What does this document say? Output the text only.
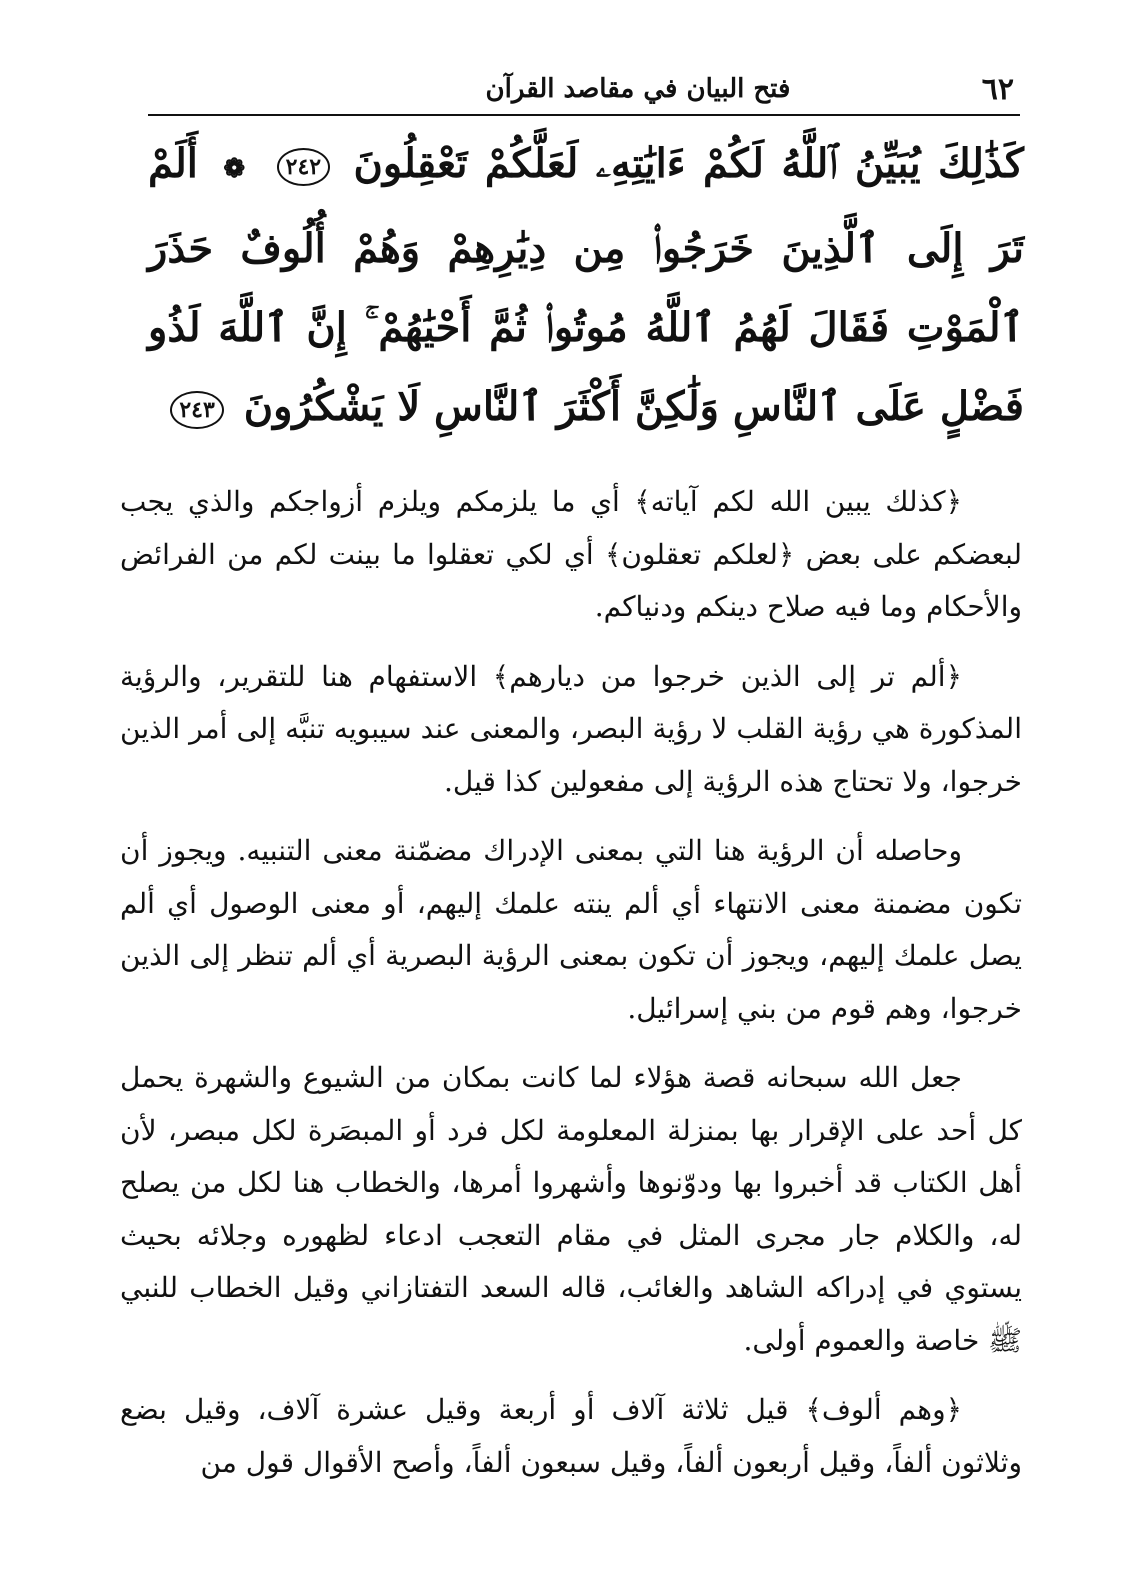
٦٢
فتح البيان في مقاصد القرآن
كَذَٰلِكَ يُبَيِّنُ ٱللَّهُ لَكُمْ ءَايَٰتِهِۦ لَعَلَّكُمْ تَعْقِلُونَ ٢٤٢ ❁ أَلَمْ تَرَ إِلَى ٱلَّذِينَ خَرَجُوا۟ مِن دِيَٰرِهِمْ وَهُمْ أُلُوفٌ حَذَرَ ٱلْمَوْتِ فَقَالَ لَهُمُ ٱللَّهُ مُوتُوا۟ ثُمَّ أَحْيَٰهُمْ ۚ إِنَّ ٱللَّهَ لَذُو فَضْلٍ عَلَى ٱلنَّاسِ وَلَٰكِنَّ أَكْثَرَ ٱلنَّاسِ لَا يَشْكُرُونَ ٢٤٣

﴿كذلك يبين الله لكم آياته﴾ أي ما يلزمكم ويلزم أزواجكم والذي يجب لبعضكم على بعض ﴿لعلكم تعقلون﴾ أي لكي تعقلوا ما بينت لكم من الفرائض والأحكام وما فيه صلاح دينكم ودنياكم.

﴿ألم تر إلى الذين خرجوا من ديارهم﴾ الاستفهام هنا للتقرير، والرؤية المذكورة هي رؤية القلب لا رؤية البصر، والمعنى عند سيبويه تنبَّه إلى أمر الذين خرجوا، ولا تحتاج هذه الرؤية إلى مفعولين كذا قيل.

وحاصله أن الرؤية هنا التي بمعنى الإدراك مضمّنة معنى التنبيه. ويجوز أن تكون مضمنة معنى الانتهاء أي ألم ينته علمك إليهم، أو معنى الوصول أي ألم يصل علمك إليهم، ويجوز أن تكون بمعنى الرؤية البصرية أي ألم تنظر إلى الذين خرجوا، وهم قوم من بني إسرائيل.

جعل الله سبحانه قصة هؤلاء لما كانت بمكان من الشيوع والشهرة يحمل كل أحد على الإقرار بها بمنزلة المعلومة لكل فرد أو المبصَرة لكل مبصر، لأن أهل الكتاب قد أخبروا بها ودوّنوها وأشهروا أمرها، والخطاب هنا لكل من يصلح له، والكلام جار مجرى المثل في مقام التعجب ادعاء لظهوره وجلائه بحيث يستوي في إدراكه الشاهد والغائب، قاله السعد التفتازاني وقيل الخطاب للنبي ﷺ خاصة والعموم أولى.

﴿وهم ألوف﴾ قيل ثلاثة آلاف أو أربعة وقيل عشرة آلاف، وقيل بضع وثلاثون ألفاً، وقيل أربعون ألفاً، وقيل سبعون ألفاً، وأصح الأقوال قول من
